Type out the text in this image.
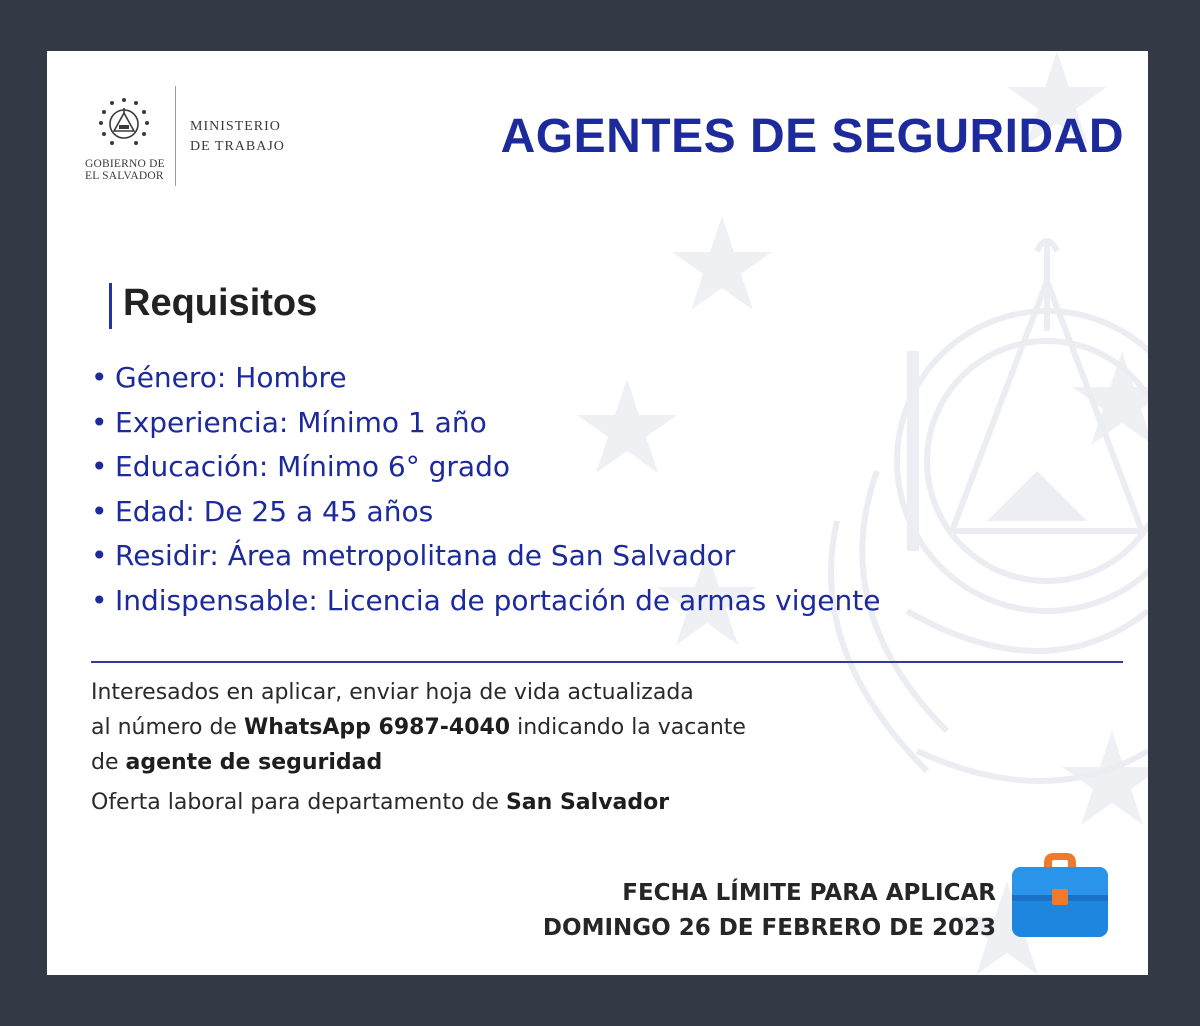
GOBIERNO DE
EL SALVADOR
MINISTERIO
DE TRABAJO	AGENTES DE SEGURIDAD
Requisitos
• Género: Hombre
• Experiencia: Mínimo 1 año
• Educación: Mínimo 6° grado
• Edad: De 25 a 45 años
• Residir: Área metropolitana de San Salvador
• Indispensable: Licencia de portación de armas vigente

Interesados en aplicar, enviar hoja de vida actualizada
al número de WhatsApp 6987-4040 indicando la vacante
de agente de seguridad

Oferta laboral para departamento de San Salvador

FECHA LÍMITE PARA APLICAR
DOMINGO 26 DE FEBRERO DE 2023
